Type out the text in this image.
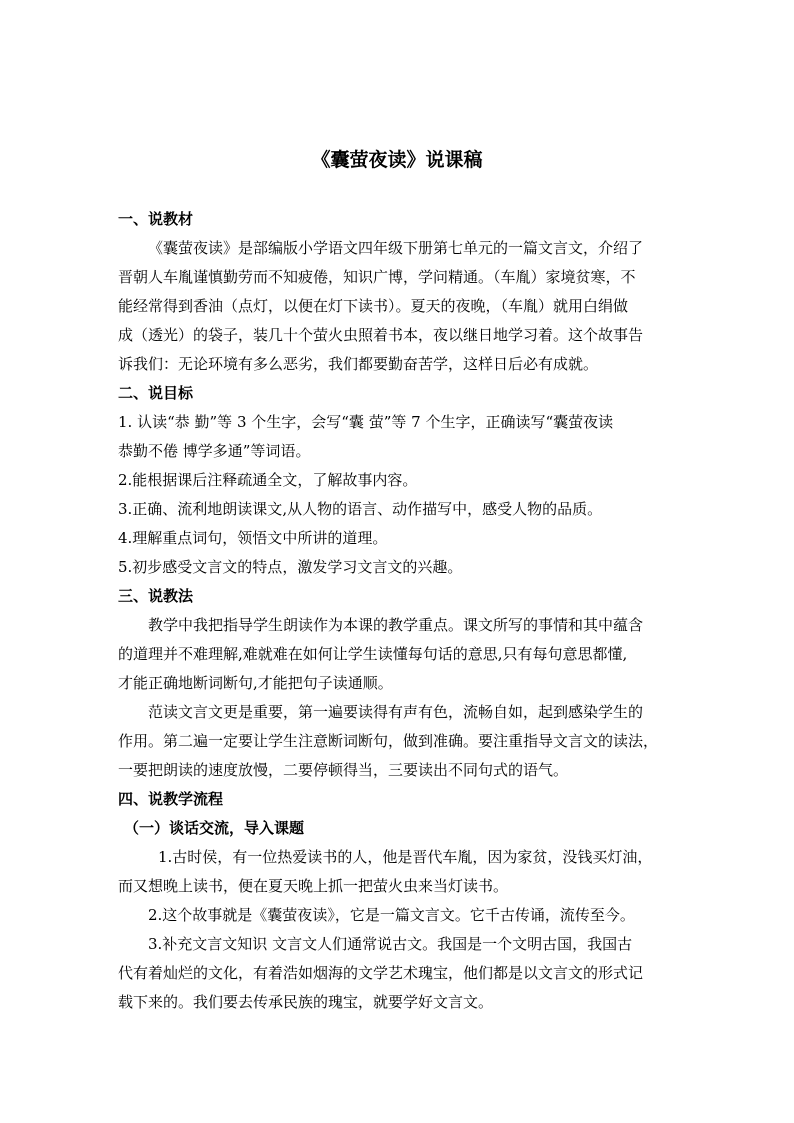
《囊萤夜读》说课稿

一、说教材

《囊萤夜读》是部编版小学语文四年级下册第七单元的一篇文言文，介绍了

晋朝人车胤谨慎勤劳而不知疲倦，知识广博，学问精通。（车胤）家境贫寒，不

能经常得到香油（点灯，以便在灯下读书）。夏天的夜晚，（车胤）就用白绢做

成（透光）的袋子，装几十个萤火虫照着书本，夜以继日地学习着。这个故事告

诉我们：无论环境有多么恶劣，我们都要勤奋苦学，这样日后必有成就。

二、说目标

1. 认读“恭 勤”等 3 个生字，会写“囊 萤”等 7 个生字，正确读写“囊萤夜读

恭勤不倦 博学多通”等词语。

2.能根据课后注释疏通全文，了解故事内容。

3.正确、流利地朗读课文,从人物的语言、动作描写中，感受人物的品质。

4.理解重点词句，领悟文中所讲的道理。

5.初步感受文言文的特点，激发学习文言文的兴趣。

三、说教法

教学中我把指导学生朗读作为本课的教学重点。课文所写的事情和其中蕴含

的道理并不难理解,难就难在如何让学生读懂每句话的意思,只有每句意思都懂,

才能正确地断词断句,才能把句子读通顺。

范读文言文更是重要，第一遍要读得有声有色，流畅自如，起到感染学生的

作用。第二遍一定要让学生注意断词断句，做到准确。要注重指导文言文的读法，

一要把朗读的速度放慢，二要停顿得当，三要读出不同句式的语气。

四、说教学流程

（一）谈话交流，导入课题

1.古时侯，有一位热爱读书的人，他是晋代车胤，因为家贫，没钱买灯油，

而又想晚上读书，便在夏天晚上抓一把萤火虫来当灯读书。

2.这个故事就是《囊萤夜读》，它是一篇文言文。它千古传诵，流传至今。

3.补充文言文知识 文言文人们通常说古文。我国是一个文明古国，我国古

代有着灿烂的文化，有着浩如烟海的文学艺术瑰宝，他们都是以文言文的形式记

载下来的。我们要去传承民族的瑰宝，就要学好文言文。
